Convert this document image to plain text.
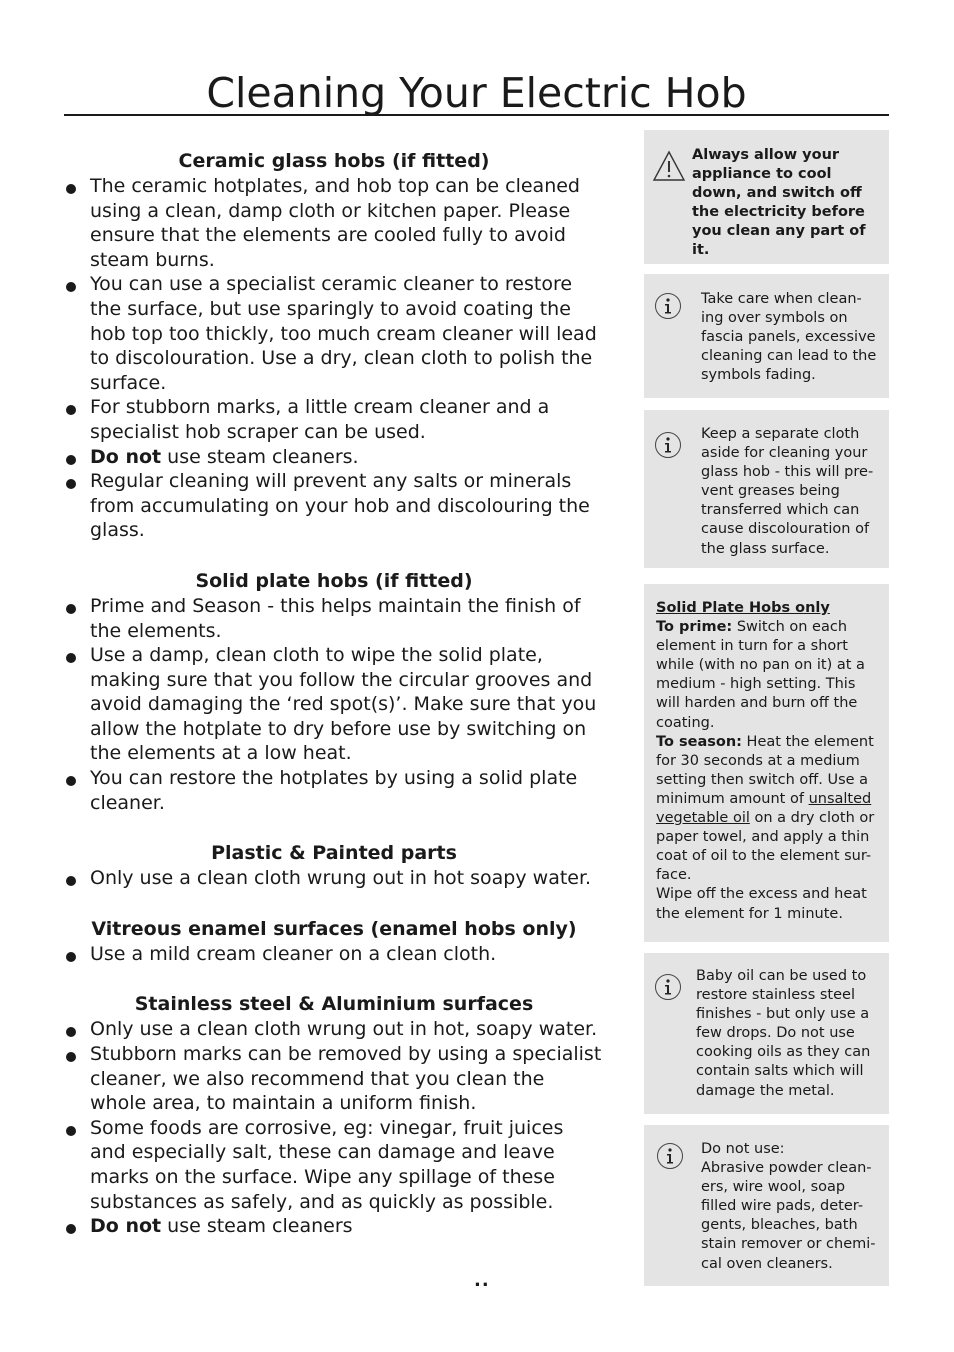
Cleaning Your Electric Hob
Ceramic glass hobs (if fitted)
The ceramic hotplates, and hob top can be cleaned using a clean, damp cloth or kitchen paper. Please ensure that the elements are cooled fully to avoid steam burns.
You can use a specialist ceramic cleaner to restore the surface, but use sparingly to avoid coating the hob top too thickly, too much cream cleaner will lead to discolouration. Use a dry, clean cloth to polish the surface.
For stubborn marks, a little cream cleaner and a specialist hob scraper can be used.
Do not use steam cleaners.
Regular cleaning will prevent any salts or minerals from accumulating on your hob and discolouring the glass.
Solid plate hobs (if fitted)
Prime and Season - this helps maintain the finish of the elements.
Use a damp, clean cloth to wipe the solid plate, making sure that you follow the circular grooves and avoid damaging the ‘red spot(s)’. Make sure that you allow the hotplate to dry before use by switching on the elements at a low heat.
You can restore the hotplates by using a solid plate cleaner.
Plastic & Painted parts
Only use a clean cloth wrung out in hot soapy water.
Vitreous enamel surfaces (enamel hobs only)
Use a mild cream cleaner on a clean cloth.
Stainless steel & Aluminium surfaces
Only use a clean cloth wrung out in hot, soapy water.
Stubborn marks can be removed by using a specialist cleaner, we also recommend that you clean the whole area, to maintain a uniform finish.
Some foods are corrosive, eg: vinegar, fruit juices and especially salt, these can damage and leave marks on the surface. Wipe any spillage of these substances as safely, and as quickly as possible.
Do not use steam cleaners
..
Always allow your appliance to cool down, and switch off the electricity before you clean any part of it.
Take care when clean-ing over symbols on fascia panels, excessive cleaning can lead to the symbols fading.
Keep a separate cloth aside for cleaning your glass hob - this will pre-vent greases being transferred which can cause discolouration of the glass surface.
Solid Plate Hobs only
To prime: Switch on each element in turn for a short while (with no pan on it) at a medium - high setting. This will harden and burn off the coating.
To season: Heat the element for 30 seconds at a medium setting then switch off. Use a minimum amount of unsalted vegetable oil on a dry cloth or paper towel, and apply a thin coat of oil to the element sur-face.
Wipe off the excess and heat the element for 1 minute.
Baby oil can be used to restore stainless steel finishes - but only use a few drops. Do not use cooking oils as they can contain salts which will damage the metal.
Do not use:
Abrasive powder clean-ers, wire wool, soap filled wire pads, deter-gents, bleaches, bath stain remover or chemi-cal oven cleaners.
